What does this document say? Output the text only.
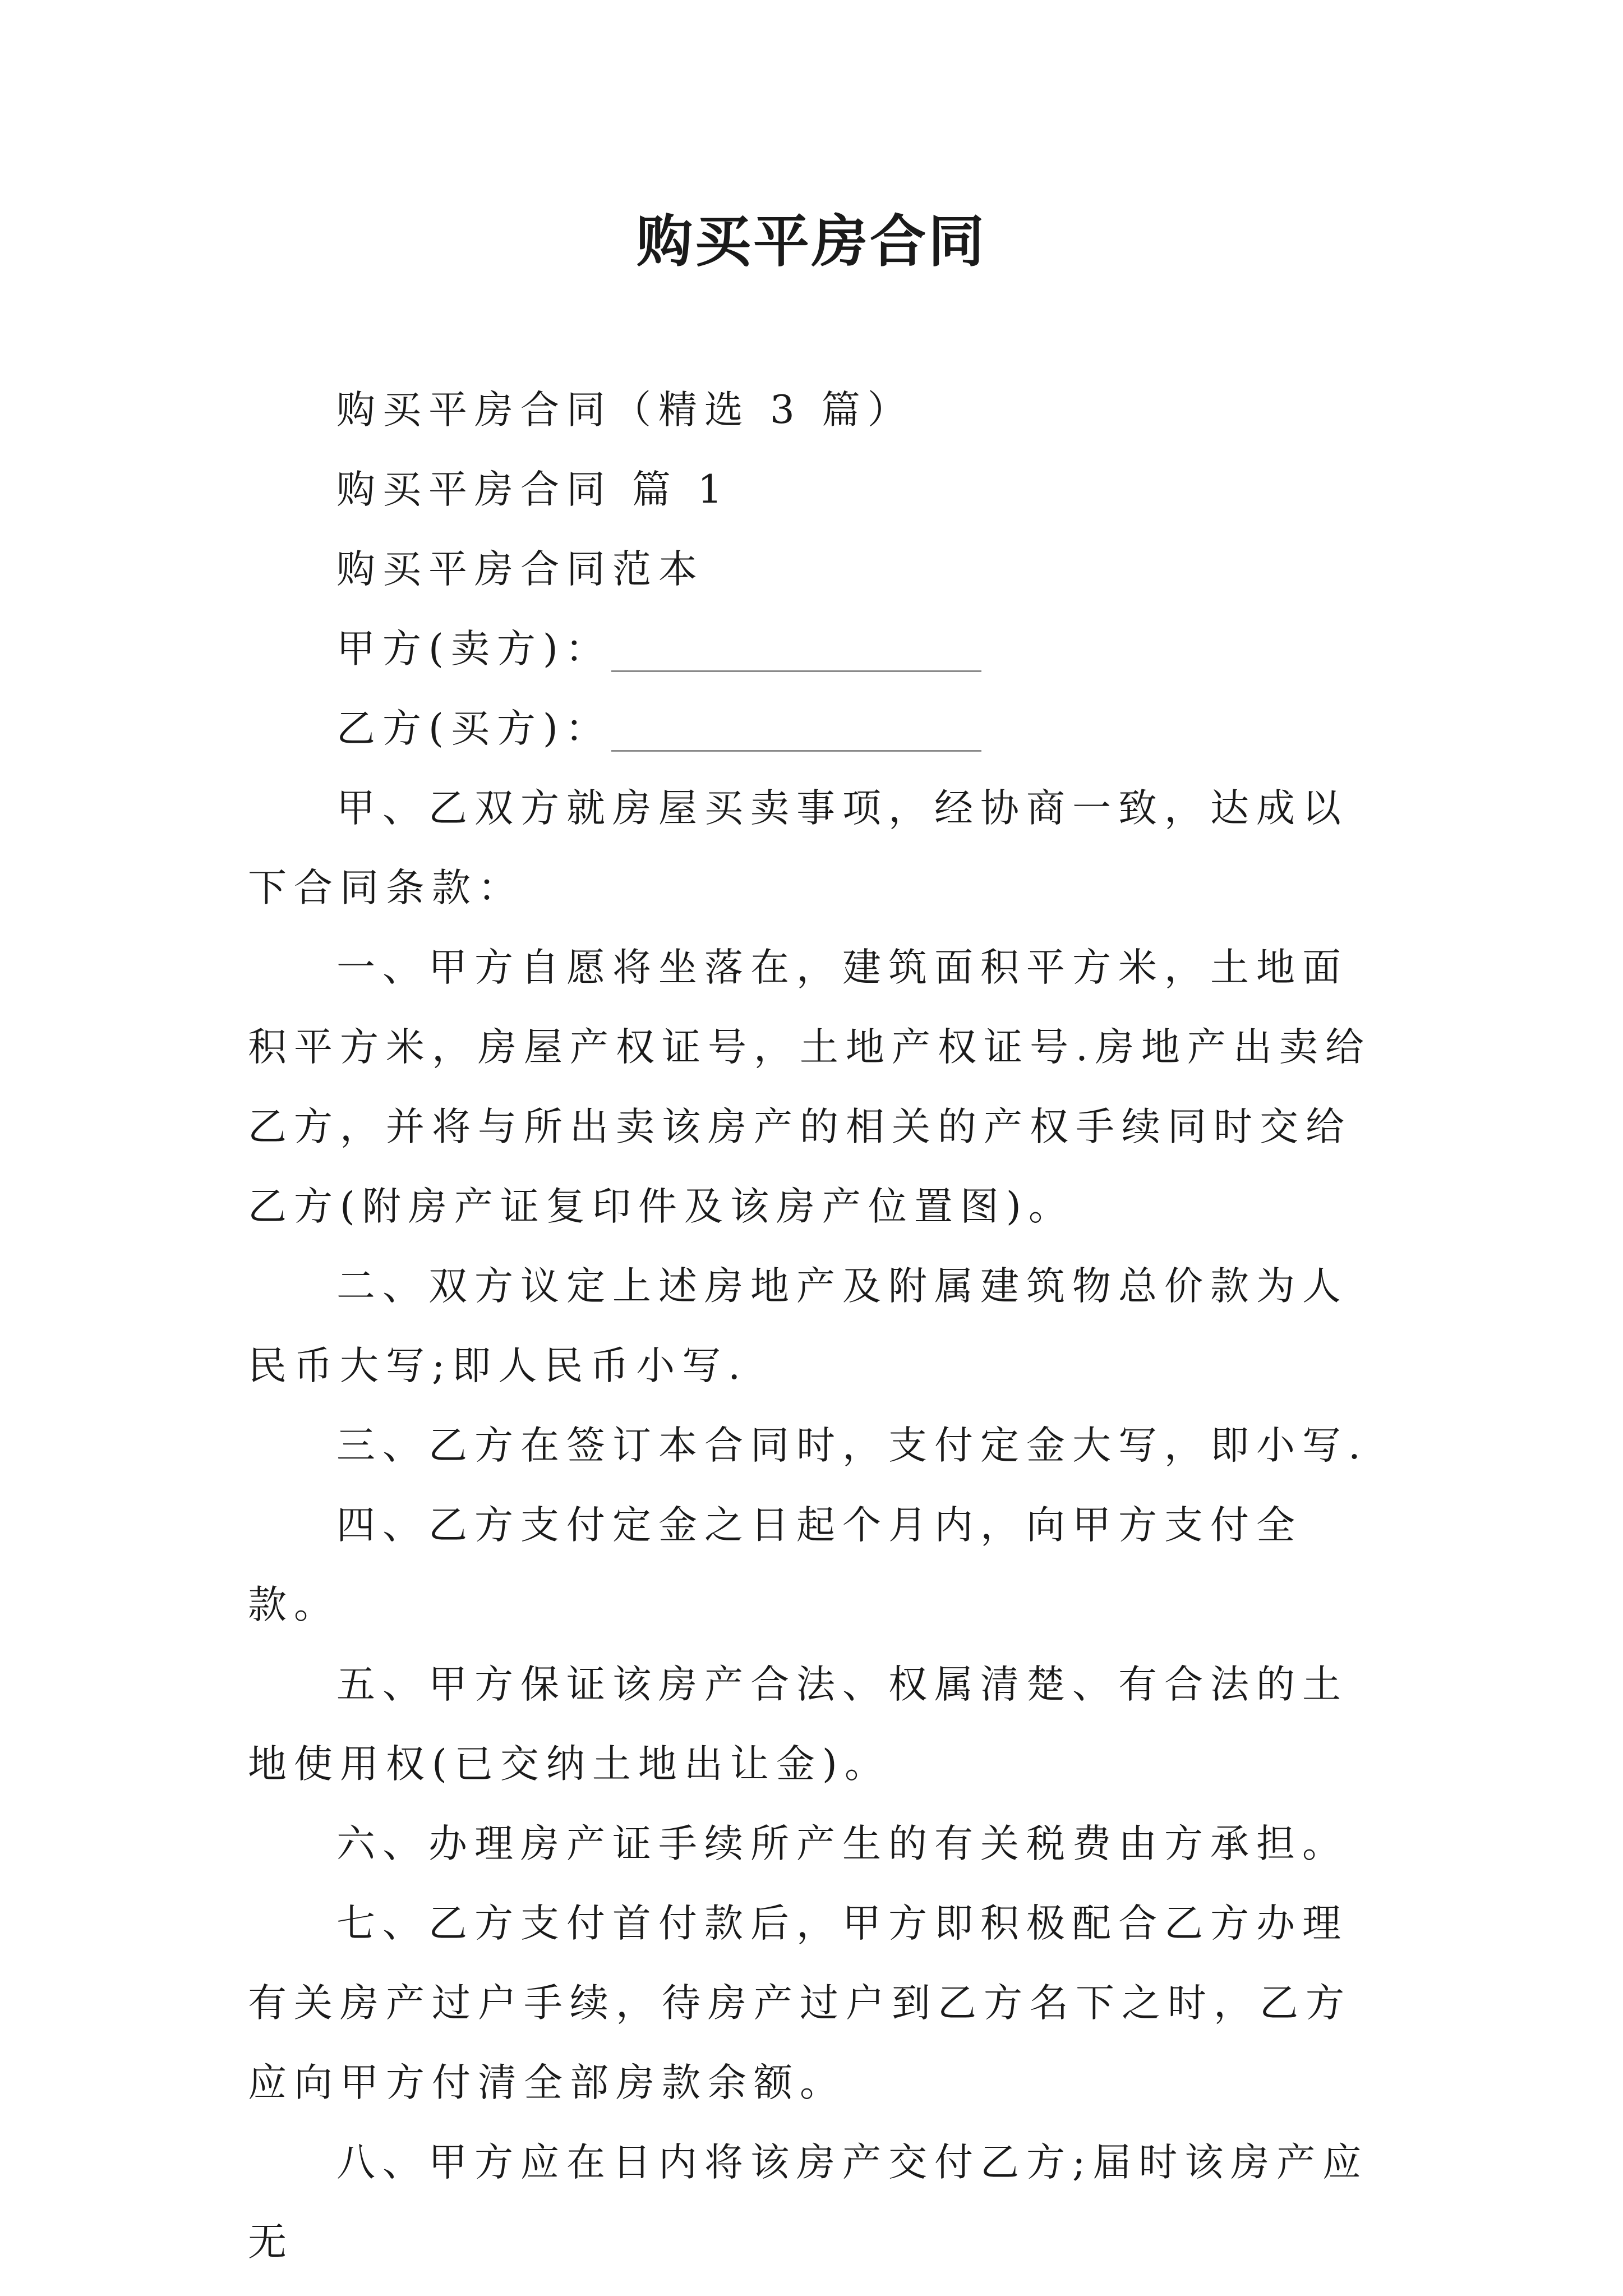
购买平房合同

购买平房合同（精选 3 篇）

购买平房合同 篇 1

购买平房合同范本

甲方(卖方)：
乙方(买方)：

甲、乙双方就房屋买卖事项，经协商一致，达成以下合同条款：

一、甲方自愿将坐落在，建筑面积平方米，土地面积平方米，房屋产权证号，土地产权证号.房地产出卖给乙方，并将与所出卖该房产的相关的产权手续同时交给乙方(附房产证复印件及该房产位置图)。

二、双方议定上述房地产及附属建筑物总价款为人民币大写;即人民币小写.

三、乙方在签订本合同时，支付定金大写，即小写.

四、乙方支付定金之日起个月内，向甲方支付全款。

五、甲方保证该房产合法、权属清楚、有合法的土地使用权(已交纳土地出让金)。

六、办理房产证手续所产生的有关税费由方承担。

七、乙方支付首付款后，甲方即积极配合乙方办理有关房产过户手续，待房产过户到乙方名下之时，乙方应向甲方付清全部房款余额。

八、甲方应在日内将该房产交付乙方;届时该房产应无
